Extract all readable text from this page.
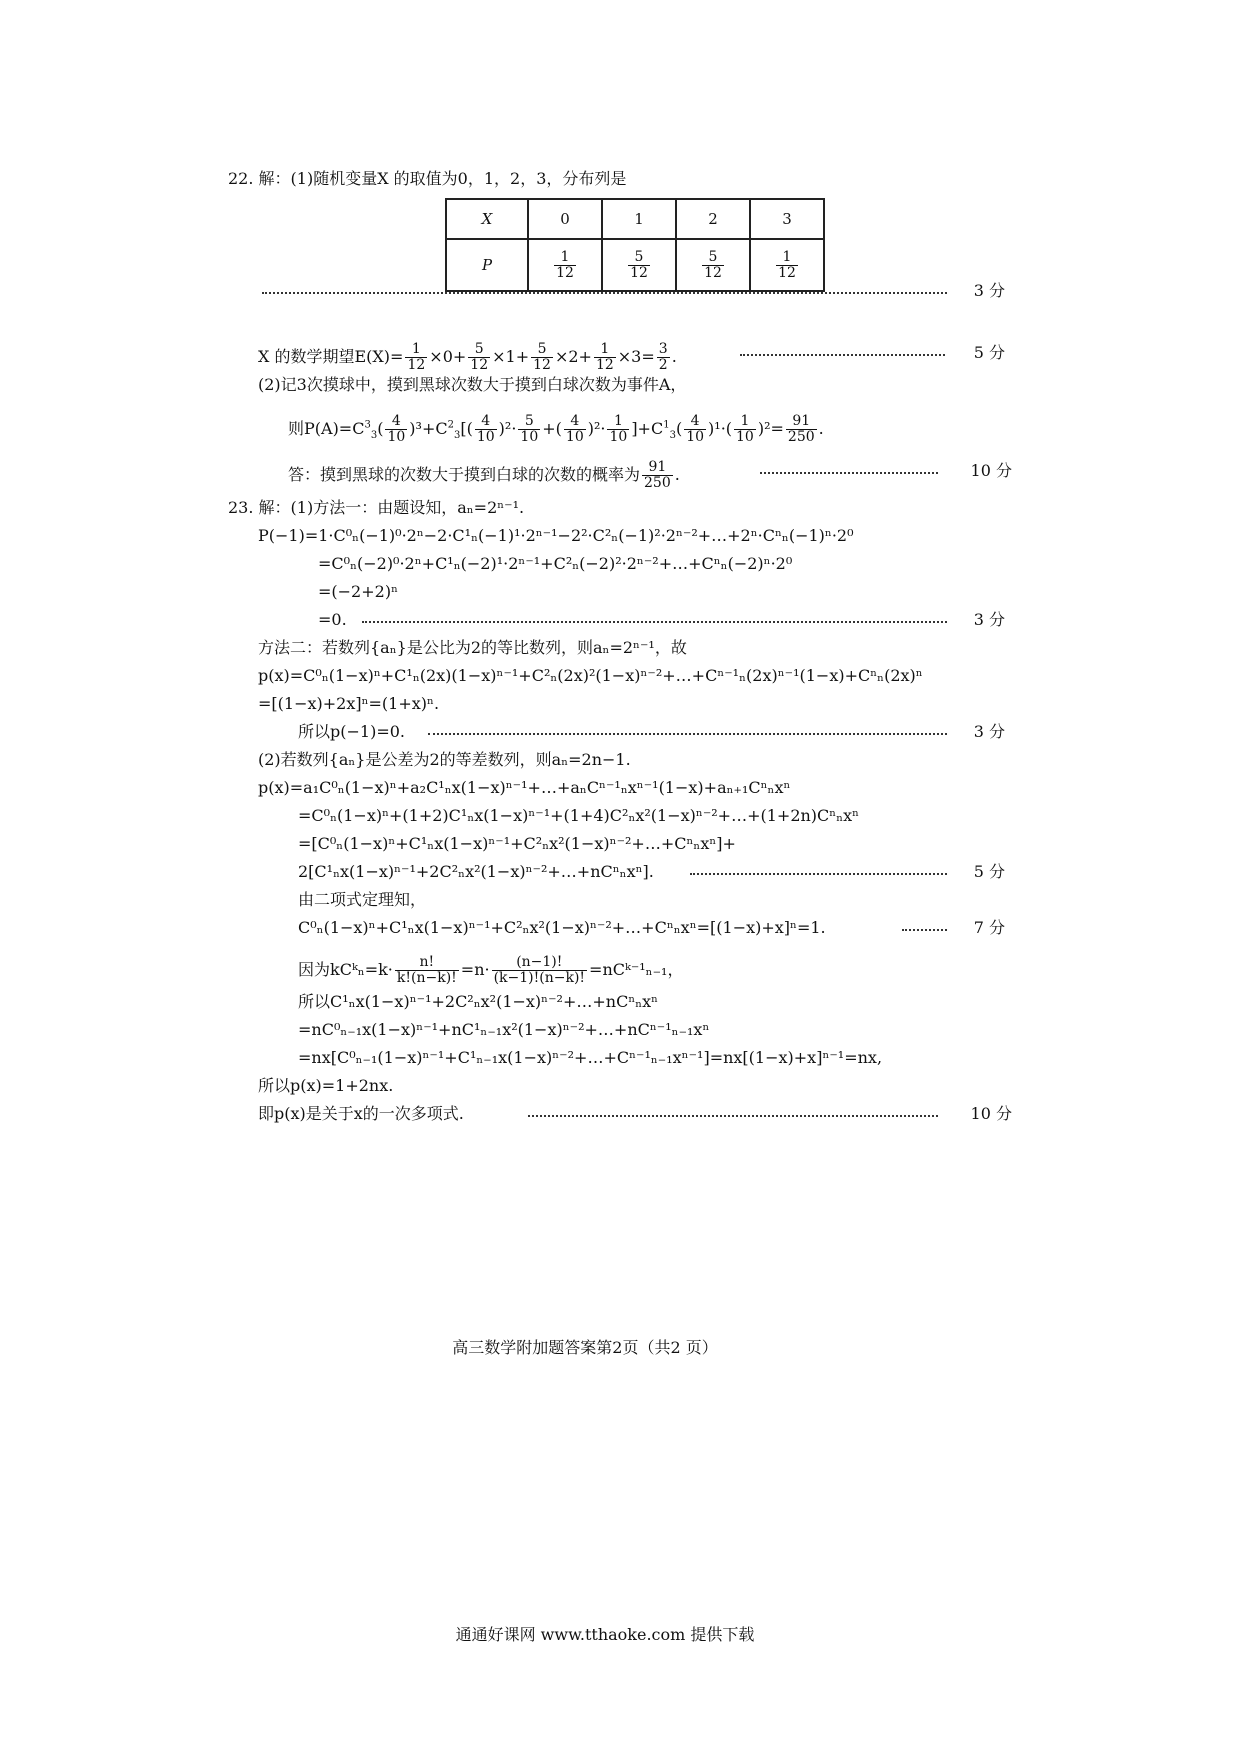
22. 解：(1)随机变量X 的取值为0，1，2，3，分布列是
X	0	1	2	3
P	$\frac{1}{12}$	$\frac{5}{12}$	$\frac{5}{12}$	$\frac{1}{12}$
3 分
X 的数学期望$E(X)= \frac{1}{12} \times 0+ \frac{5}{12} \times 1+ \frac{5}{12} \times 2+ \frac{1}{12} \times 3= \frac{3}{2}$ .	5 分
(2)记3次摸球中，摸到黑球次数大于摸到白球次数为事件A，
则$P(A)=C^3_3( \frac{4}{10} )^3+C^2_3[( \frac{4}{10} )^2\cdot \frac{5}{10}$ +( $\frac{4}{10} )^2\cdot \frac{1}{10} ]+C^1_3( \frac{4}{10} )^1\cdot( \frac{1}{10} )^2= \frac{91}{250}$ .
答：摸到黑球的次数大于摸到白球的次数的概率为 $\frac{91}{250}$ .	10 分
23. 解：(1)方法一：由题设知，aₙ=2ⁿ⁻¹.
P(−1)=1·C⁰ₙ(−1)⁰·2ⁿ−2·C¹ₙ(−1)¹·2ⁿ⁻¹−2²·C²ₙ(−1)²·2ⁿ⁻²+…+2ⁿ·Cⁿₙ(−1)ⁿ·2⁰
=C⁰ₙ(−2)⁰·2ⁿ+C¹ₙ(−2)¹·2ⁿ⁻¹+C²ₙ(−2)²·2ⁿ⁻²+…+Cⁿₙ(−2)ⁿ·2⁰
=(−2+2)ⁿ
=0.	3 分
方法二：若数列{aₙ}是公比为2的等比数列，则aₙ=2ⁿ⁻¹，故
p(x)=C⁰ₙ(1−x)ⁿ+C¹ₙ(2x)(1−x)ⁿ⁻¹+C²ₙ(2x)²(1−x)ⁿ⁻²+…+Cⁿ⁻¹ₙ(2x)ⁿ⁻¹(1−x)+Cⁿₙ(2x)ⁿ
=[(1−x)+2x]ⁿ=(1+x)ⁿ.
所以p(−1)=0.	3 分
(2)若数列{aₙ}是公差为2的等差数列，则aₙ=2n−1.
p(x)=a₁C⁰ₙ(1−x)ⁿ+a₂C¹ₙx(1−x)ⁿ⁻¹+…+aₙCⁿ⁻¹ₙxⁿ⁻¹(1−x)+aₙ₊₁Cⁿₙxⁿ
=C⁰ₙ(1−x)ⁿ+(1+2)C¹ₙx(1−x)ⁿ⁻¹+(1+4)C²ₙx²(1−x)ⁿ⁻²+…+(1+2n)Cⁿₙxⁿ
=[C⁰ₙ(1−x)ⁿ+C¹ₙx(1−x)ⁿ⁻¹+C²ₙx²(1−x)ⁿ⁻²+…+Cⁿₙxⁿ]+
2[C¹ₙx(1−x)ⁿ⁻¹+2C²ₙx²(1−x)ⁿ⁻²+…+nCⁿₙxⁿ].	5 分
由二项式定理知，
C⁰ₙ(1−x)ⁿ+C¹ₙx(1−x)ⁿ⁻¹+C²ₙx²(1−x)ⁿ⁻²+…+Cⁿₙxⁿ=[(1−x)+x]ⁿ=1.	7 分
因为kCᵏₙ=k· $\frac{n!}{k!(n-k)!} =n\cdot \frac{(n-1)!}{(k-1)!(n-k)!}$ =nCᵏ⁻¹ₙ₋₁，
所以C¹ₙx(1−x)ⁿ⁻¹+2C²ₙx²(1−x)ⁿ⁻²+…+nCⁿₙxⁿ
=nC⁰ₙ₋₁x(1−x)ⁿ⁻¹+nC¹ₙ₋₁x²(1−x)ⁿ⁻²+…+nCⁿ⁻¹ₙ₋₁xⁿ
=nx[C⁰ₙ₋₁(1−x)ⁿ⁻¹+C¹ₙ₋₁x(1−x)ⁿ⁻²+…+Cⁿ⁻¹ₙ₋₁xⁿ⁻¹]=nx[(1−x)+x]ⁿ⁻¹=nx,
所以p(x)=1+2nx.
即p(x)是关于x的一次多项式.	10 分
高三数学附加题答案第2页（共2 页）
通通好课网 www.tthaoke.com 提供下载
